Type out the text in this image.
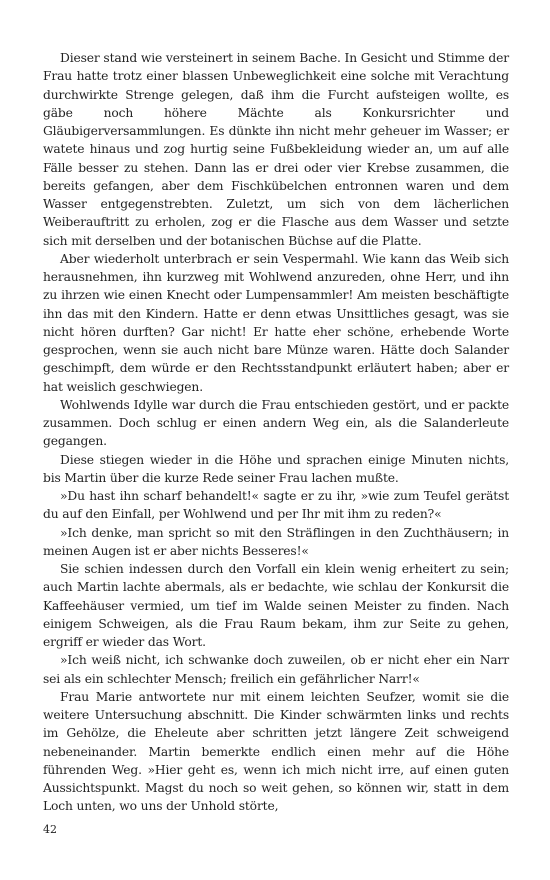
Dieser stand wie versteinert in seinem Bache. In Gesicht und Stimme der Frau hatte trotz einer blassen Unbeweglichkeit eine solche mit Verachtung durchwirkte Strenge gelegen, daß ihm die Furcht aufsteigen wollte, es gäbe noch höhere Mächte als Konkursrichter und Gläubigerversammlungen. Es dünkte ihn nicht mehr geheuer im Wasser; er watete hinaus und zog hurtig seine Fußbekleidung wieder an, um auf alle Fälle besser zu stehen. Dann las er drei oder vier Krebse zusammen, die bereits gefangen, aber dem Fischkübelchen entronnen waren und dem Wasser entgegenstrebten. Zuletzt, um sich von dem lächerlichen Weiberauftritt zu erholen, zog er die Flasche aus dem Wasser und setzte sich mit derselben und der botanischen Büchse auf die Platte.

Aber wiederholt unterbrach er sein Vespermahl. Wie kann das Weib sich herausnehmen, ihn kurzweg mit Wohlwend anzureden, ohne Herr, und ihn zu ihrzen wie einen Knecht oder Lumpensammler! Am meisten beschäftigte ihn das mit den Kindern. Hatte er denn etwas Unsittliches gesagt, was sie nicht hören durften? Gar nicht! Er hatte eher schöne, erhebende Worte gesprochen, wenn sie auch nicht bare Münze waren. Hätte doch Salander geschimpft, dem würde er den Rechtsstandpunkt erläutert haben; aber er hat weislich geschwiegen.

Wohlwends Idylle war durch die Frau entschieden gestört, und er packte zusammen. Doch schlug er einen andern Weg ein, als die Salanderleute gegangen.

Diese stiegen wieder in die Höhe und sprachen einige Minuten nichts, bis Martin über die kurze Rede seiner Frau lachen mußte.

»Du hast ihn scharf behandelt!« sagte er zu ihr, »wie zum Teufel gerätst du auf den Einfall, per Wohlwend und per Ihr mit ihm zu reden?«

»Ich denke, man spricht so mit den Sträflingen in den Zuchthäusern; in meinen Augen ist er aber nichts Besseres!«

Sie schien indessen durch den Vorfall ein klein wenig erheitert zu sein; auch Martin lachte abermals, als er bedachte, wie schlau der Konkursit die Kaffeehäuser vermied, um tief im Walde seinen Meister zu finden. Nach einigem Schweigen, als die Frau Raum bekam, ihm zur Seite zu gehen, ergriff er wieder das Wort.

»Ich weiß nicht, ich schwanke doch zuweilen, ob er nicht eher ein Narr sei als ein schlechter Mensch; freilich ein gefährlicher Narr!«

Frau Marie antwortete nur mit einem leichten Seufzer, womit sie die weitere Untersuchung abschnitt. Die Kinder schwärmten links und rechts im Gehölze, die Eheleute aber schritten jetzt längere Zeit schweigend nebeneinander. Martin bemerkte endlich einen mehr auf die Höhe führenden Weg. »Hier geht es, wenn ich mich nicht irre, auf einen guten Aussichtspunkt. Magst du noch so weit gehen, so können wir, statt in dem Loch unten, wo uns der Unhold störte,

42
